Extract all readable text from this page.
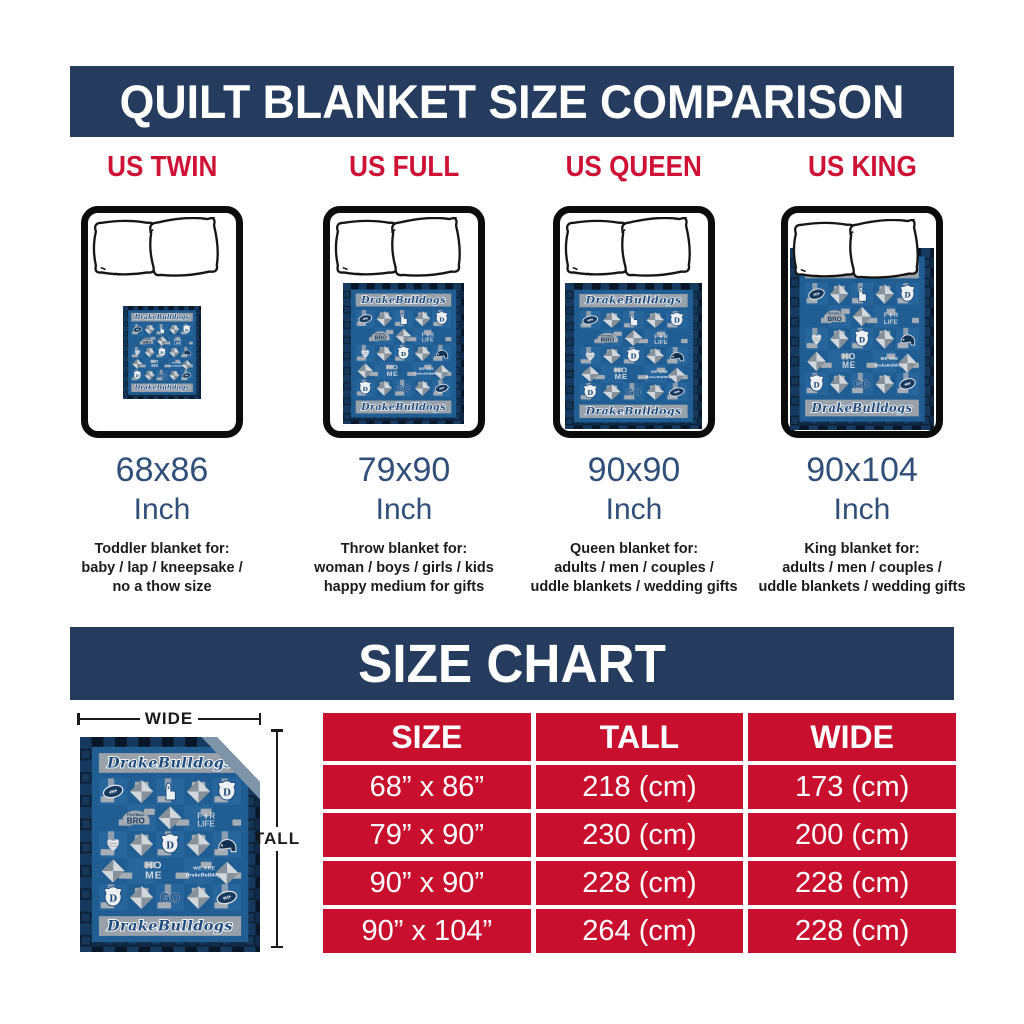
QUILT BLANKET SIZE COMPARISON
US TWIN
68x86
Inch
Toddler blanket for:
baby / lap / kneepsake /
no a thow size
US FULL
79x90
Inch
Throw blanket for:
woman / boys / girls / kids
happy medium for gifts
US QUEEN
90x90
Inch
Queen blanket for:
adults / men / couples /
uddle blankets / wedding gifts
US KING
90x104
Inch
King blanket for:
adults / men / couples /
uddle blankets / wedding gifts
SIZE CHART
WIDE
TALL
SIZE	TALL	WIDE
68” x 86”	218 (cm)	173 (cm)
79” x 90”	230 (cm)	200 (cm)
90” x 90”	228 (cm)	228 (cm)
90” x 104”	264 (cm)	228 (cm)
